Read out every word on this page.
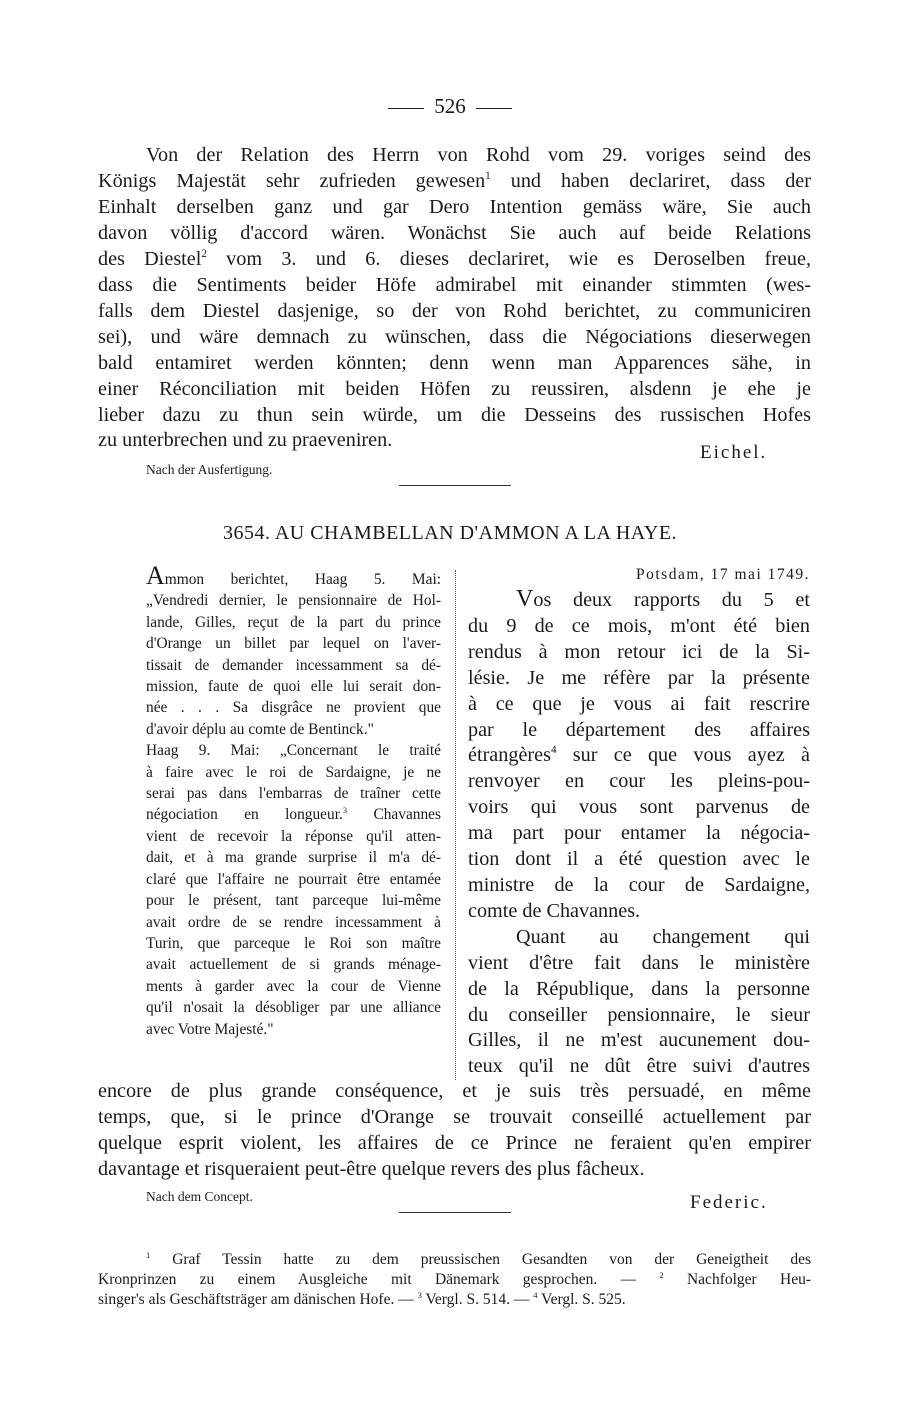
526
Von der Relation des Herrn von Rohd vom 29. voriges seind des
Königs Majestät sehr zufrieden gewesen$^1$ und haben declariret, dass der
Einhalt derselben ganz und gar Dero Intention gemäss wäre, Sie auch
davon völlig d'accord wären. Wonächst Sie auch auf beide Relations
des Diestel$^2$ vom 3. und 6. dieses declariret, wie es Deroselben freue,
dass die Sentiments beider Höfe admirabel mit einander stimmten (wes-
falls dem Diestel dasjenige, so der von Rohd berichtet, zu communiciren
sei), und wäre demnach zu wünschen, dass die Négociations dieserwegen
bald entamiret werden könnten; denn wenn man Apparences sähe, in
einer Réconciliation mit beiden Höfen zu reussiren, alsdenn je ehe je
lieber dazu zu thun sein würde, um die Desseins des russischen Hofes
zu unterbrechen und zu praeveniren.
Eichel.
Nach der Ausfertigung.
3654. AU CHAMBELLAN D'AMMON A LA HAYE.
Ammon berichtet, Haag 5. Mai:
„Vendredi dernier, le pensionnaire de Hol-
lande, Gilles, reçut de la part du prince
d'Orange un billet par lequel on l'aver-
tissait de demander incessamment sa dé-
mission, faute de quoi elle lui serait don-
née . . . Sa disgrâce ne provient que
d'avoir déplu au comte de Bentinck."
Haag 9. Mai: „Concernant le traité
à faire avec le roi de Sardaigne, je ne
serai pas dans l'embarras de traîner cette
négociation en longueur.$^3$ Chavannes
vient de recevoir la réponse qu'il atten-
dait, et à ma grande surprise il m'a dé-
claré que l'affaire ne pourrait être entamée
pour le présent, tant parceque lui-même
avait ordre de se rendre incessamment à
Turin, que parceque le Roi son maître
avait actuellement de si grands ménage-
ments à garder avec la cour de Vienne
qu'il n'osait la désobliger par une alliance
avec Votre Majesté."
Potsdam, 17 mai 1749.
Vos deux rapports du 5 et
du 9 de ce mois, m'ont été bien
rendus à mon retour ici de la Si-
lésie. Je me réfère par la présente
à ce que je vous ai fait rescrire
par le département des affaires
étrangères$^4$ sur ce que vous ayez à
renvoyer en cour les pleins-pou-
voirs qui vous sont parvenus de
ma part pour entamer la négocia-
tion dont il a été question avec le
ministre de la cour de Sardaigne,
comte de Chavannes.
Quant au changement qui
vient d'être fait dans le ministère
de la République, dans la personne
du conseiller pensionnaire, le sieur
Gilles, il ne m'est aucunement dou-
teux qu'il ne dût être suivi d'autres
encore de plus grande conséquence, et je suis très persuadé, en même
temps, que, si le prince d'Orange se trouvait conseillé actuellement par
quelque esprit violent, les affaires de ce Prince ne feraient qu'en empirer
davantage et risqueraient peut-être quelque revers des plus fâcheux.
Nach dem Concept.	Federic.
$^1$ Graf Tessin hatte zu dem preussischen Gesandten von der Geneigtheit des
Kronprinzen zu einem Ausgleiche mit Dänemark gesprochen. — $^2$ Nachfolger Heu-
singer's als Geschäftsträger am dänischen Hofe. — $^3$ Vergl. S. 514. — $^4$ Vergl. S. 525.
